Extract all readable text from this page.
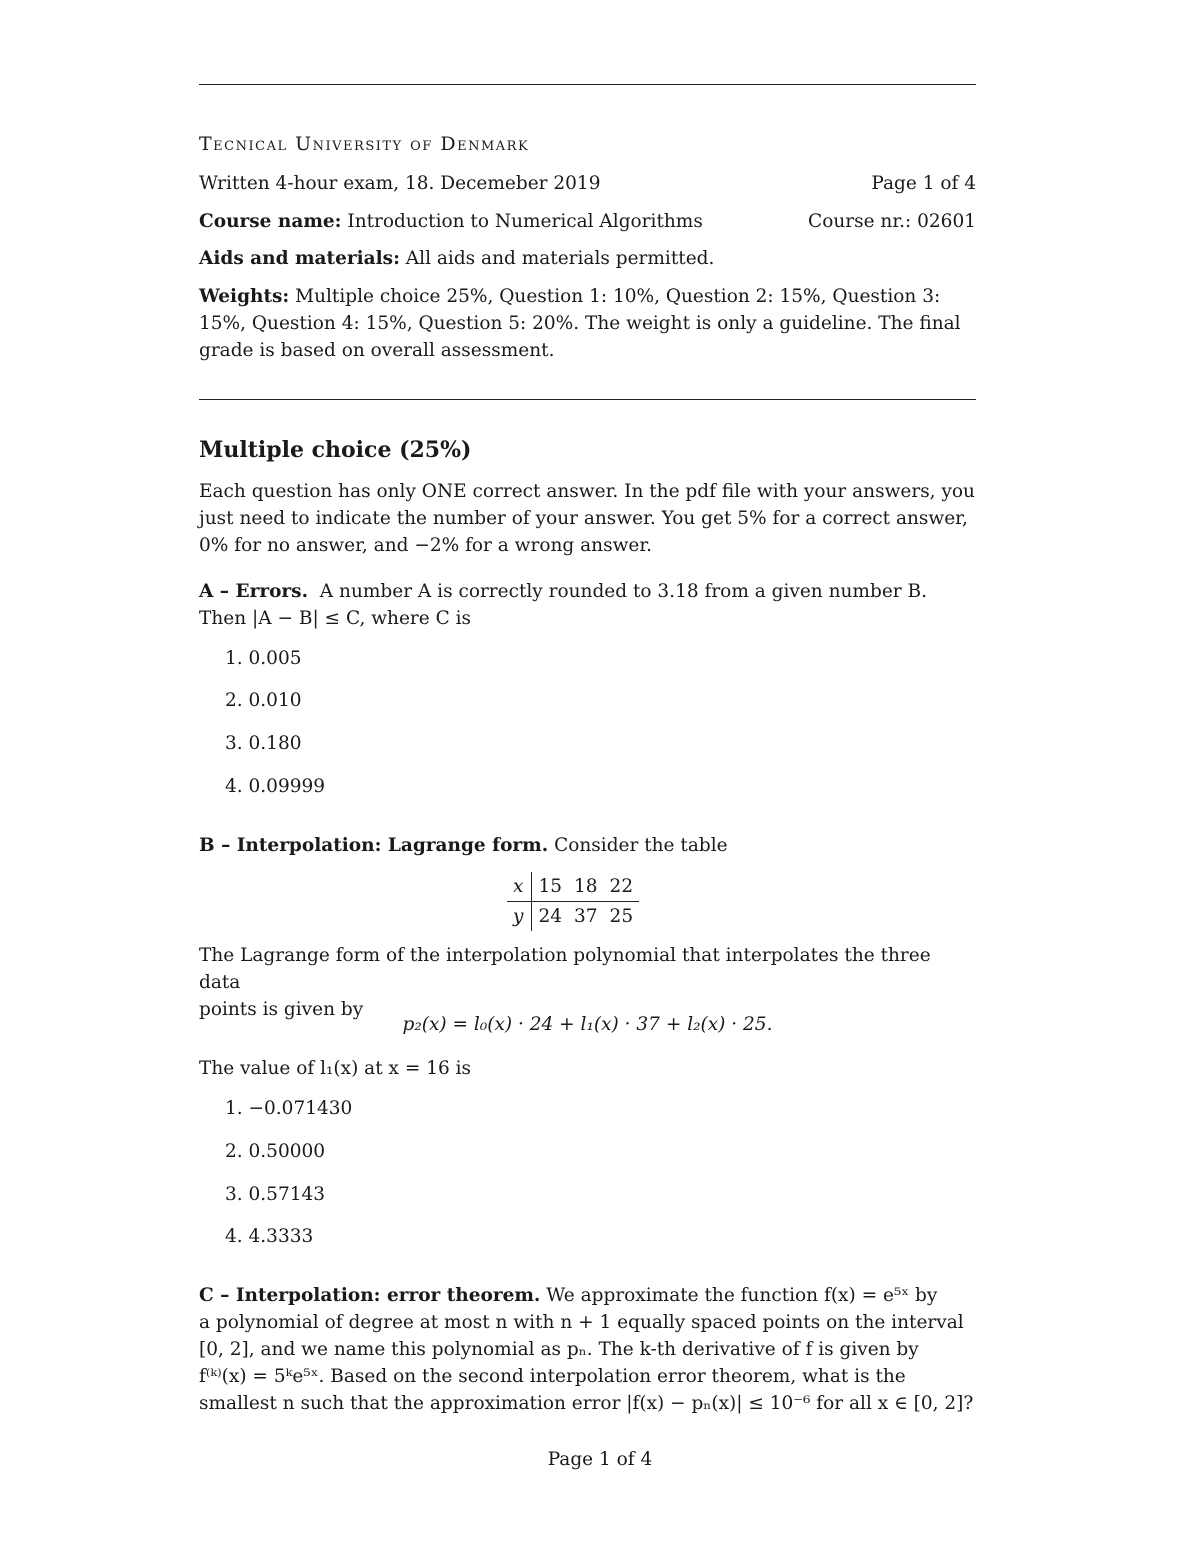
Tecnical University of Denmark
Written 4-hour exam, 18. Decemeber 2019	Page 1 of 4
Course name: Introduction to Numerical Algorithms	Course nr.: 02601
Aids and materials: All aids and materials permitted.
Weights: Multiple choice 25%, Question 1: 10%, Question 2: 15%, Question 3:
15%, Question 4: 15%, Question 5: 20%. The weight is only a guideline. The final
grade is based on overall assessment.
Multiple choice (25%)
Each question has only ONE correct answer. In the pdf file with your answers, you
just need to indicate the number of your answer. You get 5% for a correct answer,
0% for no answer, and −2% for a wrong answer.
A – Errors. A number A is correctly rounded to 3.18 from a given number B.
Then |A − B| ≤ C, where C is
1. 0.005
2. 0.010
3. 0.180
4. 0.09999
B – Interpolation: Lagrange form. Consider the table
x	15	18	22
y	24	37	25
The Lagrange form of the interpolation polynomial that interpolates the three data
points is given by
p₂(x) = l₀(x) · 24 + l₁(x) · 37 + l₂(x) · 25.
The value of l₁(x) at x = 16 is
1. −0.071430
2. 0.50000
3. 0.57143
4. 4.3333
C – Interpolation: error theorem. We approximate the function f(x) = e⁵ˣ by
a polynomial of degree at most n with n + 1 equally spaced points on the interval
[0, 2], and we name this polynomial as pₙ. The k-th derivative of f is given by
f⁽ᵏ⁾(x) = 5ᵏe⁵ˣ. Based on the second interpolation error theorem, what is the
smallest n such that the approximation error |f(x) − pₙ(x)| ≤ 10⁻⁶ for all x ∈ [0, 2]?
Page 1 of 4
